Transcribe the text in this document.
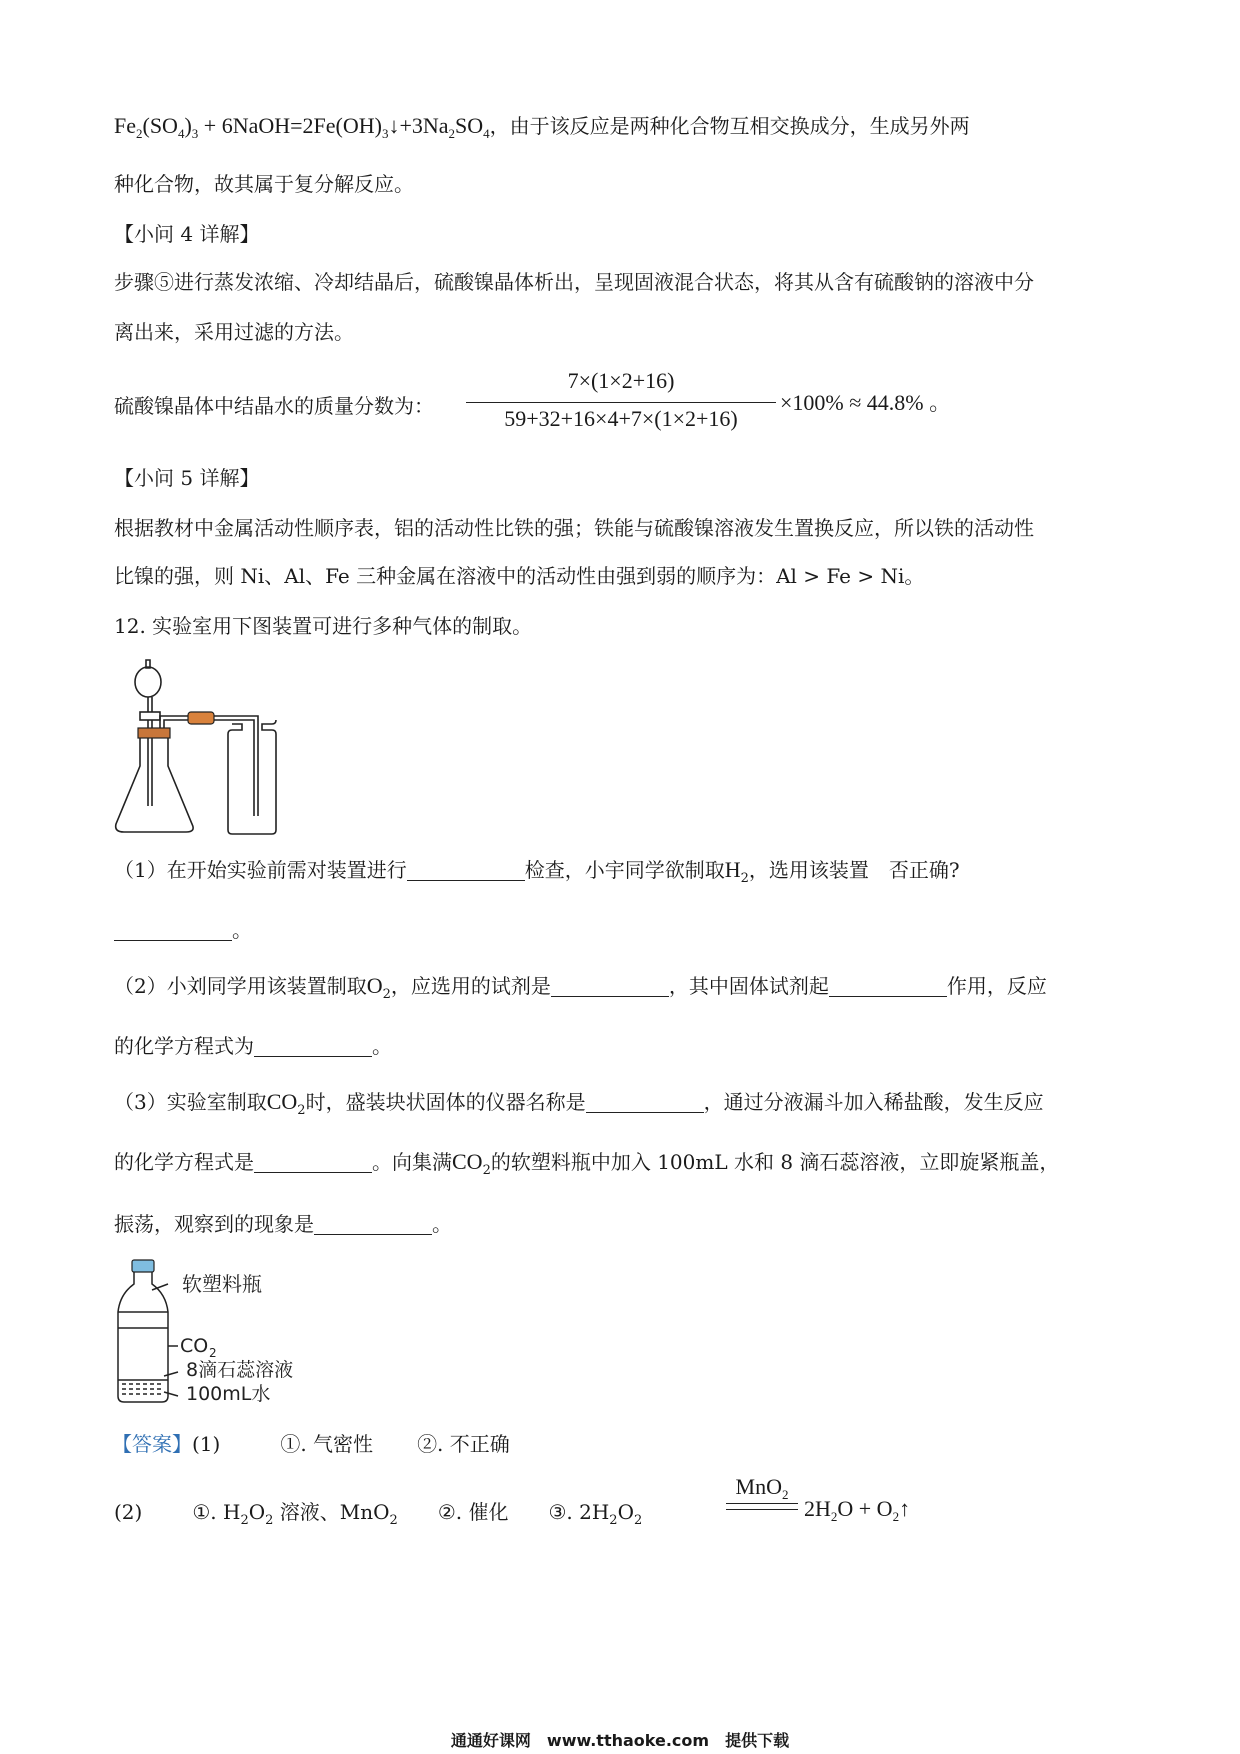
$Fe_2(SO_4)_3$ + $6NaOH=2Fe(OH)_3↓+3Na_2SO_4$，由于该反应是两种化合物互相交换成分，生成另外两
种化合物，故其属于复分解反应。
【小问 4 详解】
步骤⑤进行蒸发浓缩、冷却结晶后，硫酸镍晶体析出，呈现固液混合状态，将其从含有硫酸钠的溶液中分
离出来，采用过滤的方法。
硫酸镍晶体中结晶水的质量分数为：
7×(1×2+16)
59+32+16×4+7×(1×2+16)
×100% ≈ 44.8% 。
【小问 5 详解】
根据教材中金属活动性顺序表，铝的活动性比铁的强；铁能与硫酸镍溶液发生置换反应，所以铁的活动性
比镍的强，则 Ni、Al、Fe 三种金属在溶液中的活动性由强到弱的顺序为：Al > Fe > Ni。
12. 实验室用下图装置可进行多种气体的制取。
（1）在开始实验前需对装置进行	检查，小宇同学欲制取$H_2$，选用该装置　否正确?
。
（2）小刘同学用该装置制取$O_2$，应选用的试剂是	，其中固体试剂起	作用，反应
的化学方程式为	。
（3）实验室制取$CO_2$时，盛装块状固体的仪器名称是	，通过分液漏斗加入稀盐酸，发生反应
的化学方程式是	。向集满$CO_2$的软塑料瓶中加入 100mL 水和 8 滴石蕊溶液，立即旋紧瓶盖，
振荡，观察到的现象是	。
软塑料瓶
CO 2
8滴石蕊溶液
100mL水
【答案】(1)	①. 气密性 ②. 不正确
(2)	①. $H_2O_2$ 溶液、MnO$_2$ ②. 催化 ③. $2H_2O_2$
MnO$_2$
$2H_2O$ + $O_2↑$
通通好课网　www.tthaoke.com　提供下载
